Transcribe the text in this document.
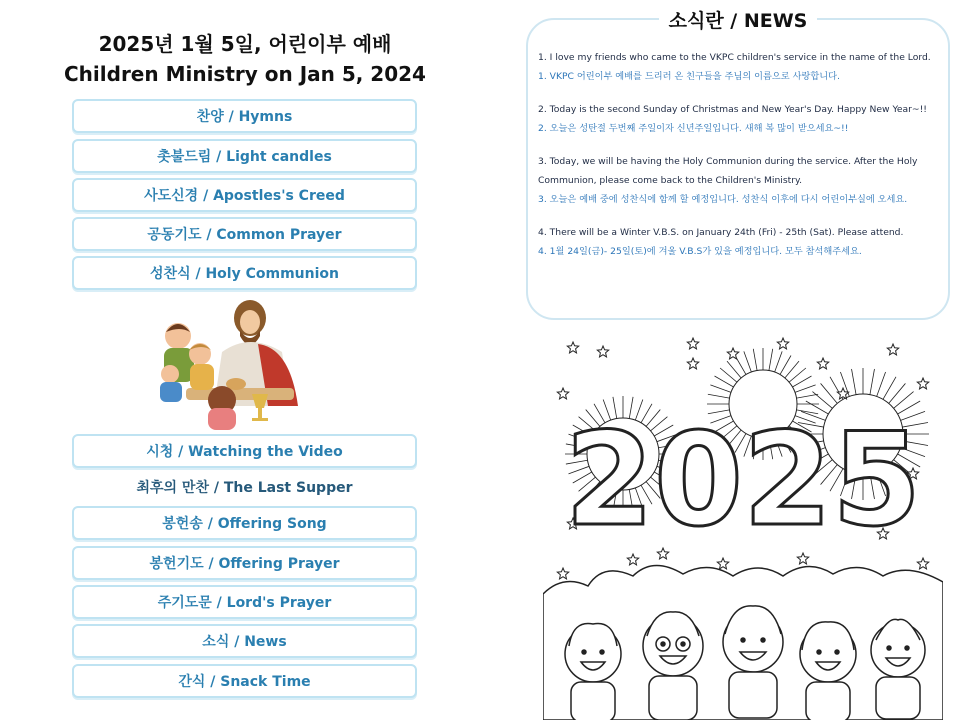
2025년 1월 5일, 어린이부 예배
Children Ministry on Jan 5, 2024
찬양 / Hymns
촛불드림 / Light candles
사도신경 / Apostles's Creed
공동기도 / Common Prayer
성찬식 / Holy Communion
시청 / Watching the Video
최후의 만찬 / The Last Supper
봉헌송 / Offering Song
봉헌기도 / Offering Prayer
주기도문 / Lord's Prayer
소식 / News
간식 / Snack Time
소식란 / NEWS
1. I love my friends who came to the VKPC children's service in the name of the Lord.
1. VKPC 어린이부 예배를 드리러 온 친구들을 주님의 이름으로 사랑합니다.
2. Today is the second Sunday of Christmas and New Year's Day. Happy New Year~!!
2. 오늘은 성탄절 두번째 주일이자 신년주일입니다. 새해 복 많이 받으세요~!!
3. Today, we will be having the Holy Communion during the service. After the Holy Communion, please come back to the Children's Ministry.
3. 오늘은 예배 중에 성찬식에 함께 할 예정입니다. 성찬식 이후에 다시 어린이부실에 오세요.
4. There will be a Winter V.B.S. on January 24th (Fri) - 25th (Sat). Please attend.
4. 1월 24일(금)- 25일(토)에 겨울 V.B.S가 있을 예정입니다. 모두 참석해주세요.
2025
